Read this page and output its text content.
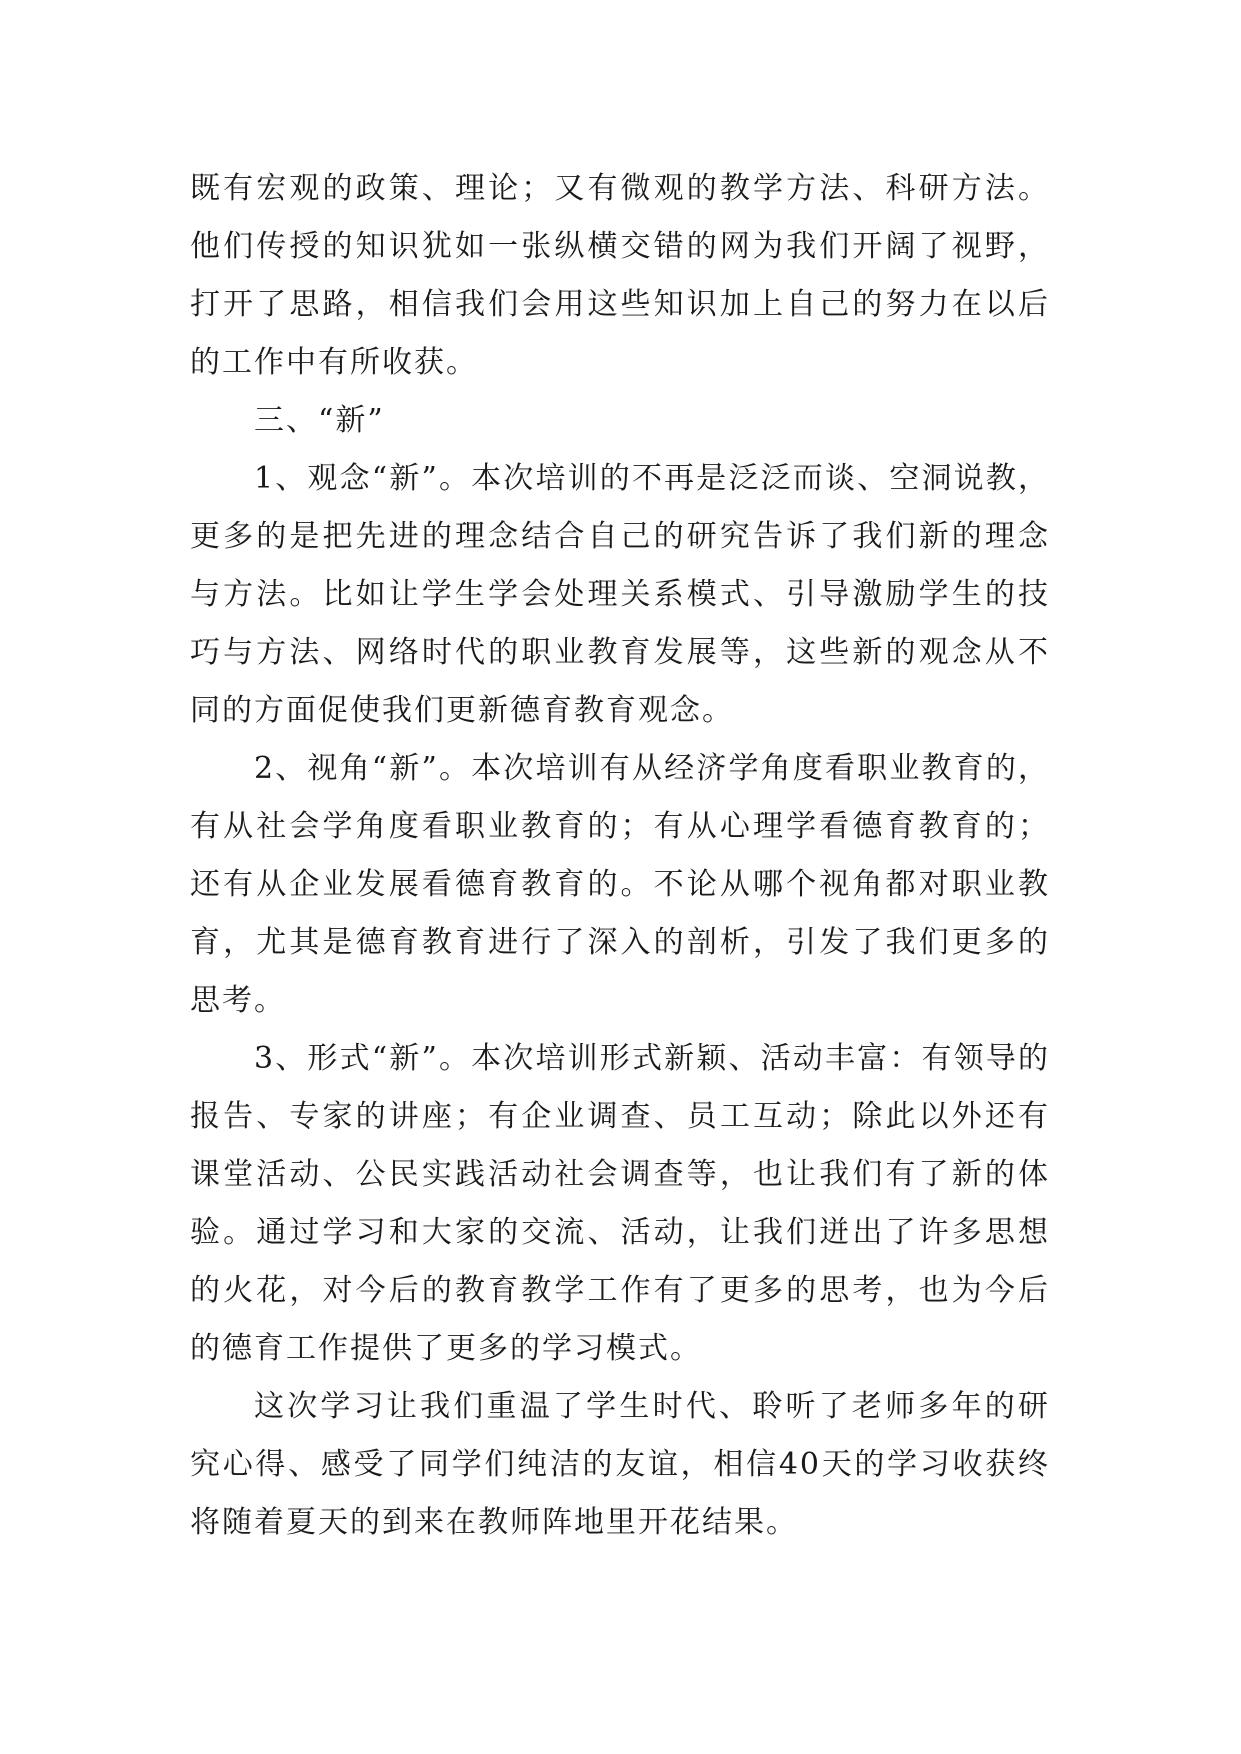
既有宏观的政策、理论；又有微观的教学方法、科研方法。他们传授的知识犹如一张纵横交错的网为我们开阔了视野，打开了思路，相信我们会用这些知识加上自己的努力在以后的工作中有所收获。

三、“新”

1、观念“新”。本次培训的不再是泛泛而谈、空洞说教，更多的是把先进的理念结合自己的研究告诉了我们新的理念与方法。比如让学生学会处理关系模式、引导激励学生的技巧与方法、网络时代的职业教育发展等，这些新的观念从不同的方面促使我们更新德育教育观念。

2、视角“新”。本次培训有从经济学角度看职业教育的，有从社会学角度看职业教育的；有从心理学看德育教育的；还有从企业发展看德育教育的。不论从哪个视角都对职业教育，尤其是德育教育进行了深入的剖析，引发了我们更多的思考。

3、形式“新”。本次培训形式新颖、活动丰富：有领导的报告、专家的讲座；有企业调查、员工互动；除此以外还有课堂活动、公民实践活动社会调查等，也让我们有了新的体验。通过学习和大家的交流、活动，让我们迸出了许多思想的火花，对今后的教育教学工作有了更多的思考，也为今后的德育工作提供了更多的学习模式。

这次学习让我们重温了学生时代、聆听了老师多年的研究心得、感受了同学们纯洁的友谊，相信40天的学习收获终将随着夏天的到来在教师阵地里开花结果。
